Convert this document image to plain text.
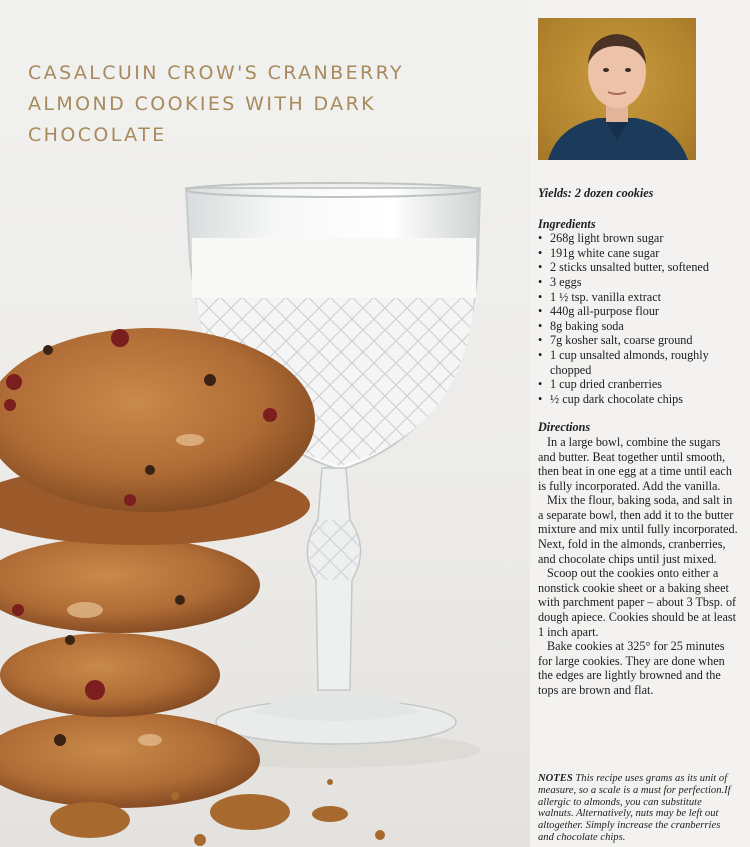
CASALCUIN CROW'S CRANBERRY ALMOND COOKIES WITH DARK CHOCOLATE

Yields: 2 dozen cookies

Ingredients

• 268g light brown sugar
• 191g white cane sugar
• 2 sticks unsalted butter, softened
• 3 eggs
• 1 ½ tsp. vanilla extract
• 440g all-purpose flour
• 8g baking soda
• 7g kosher salt, coarse ground
• 1 cup unsalted almonds, roughly chopped
• 1 cup dried cranberries
• ½ cup dark chocolate chips

Directions

In a large bowl, combine the sugars and butter. Beat together until smooth, then beat in one egg at a time until each is fully incorporated. Add the vanilla.

Mix the flour, baking soda, and salt in a separate bowl, then add it to the butter mixture and mix until fully incorporated. Next, fold in the almonds, cranberries, and chocolate chips until just mixed.

Scoop out the cookies onto either a nonstick cookie sheet or a baking sheet with parchment paper – about 3 Tbsp. of dough apiece. Cookies should be at least 1 inch apart.

Bake cookies at 325° for 25 minutes for large cookies. They are done when the edges are lightly browned and the tops are brown and flat.

NOTES This recipe uses grams as its unit of measure, so a scale is a must for perfection.If allergic to almonds, you can substitute walnuts. Alternatively, nuts may be left out altogether. Simply increase the cranberries and chocolate chips.
